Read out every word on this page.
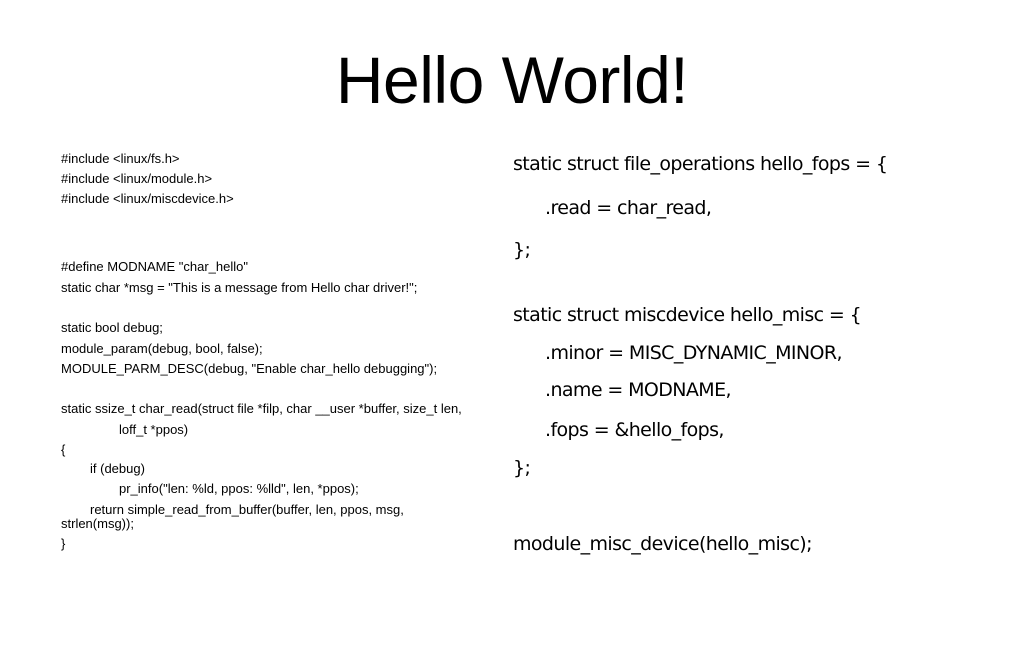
Hello World!

#include <linux/fs.h>

#include <linux/module.h>

#include <linux/miscdevice.h>

#define MODNAME "char_hello"

static char *msg = "This is a message from Hello char driver!";

static bool debug;

module_param(debug, bool, false);

MODULE_PARM_DESC(debug, "Enable char_hello debugging");

static ssize_t char_read(struct file *filp, char __user *buffer, size_t len,

loff_t *ppos)

{

if (debug)

pr_info("len: %ld, ppos: %lld", len, *ppos);

return simple_read_from_buffer(buffer, len, ppos, msg,

strlen(msg));

}

static struct file_operations hello_fops = {
.read = char_read,
};
static struct miscdevice hello_misc = {
.minor = MISC_DYNAMIC_MINOR,
.name = MODNAME,
.fops = &hello_fops,
};
module_misc_device(hello_misc);
